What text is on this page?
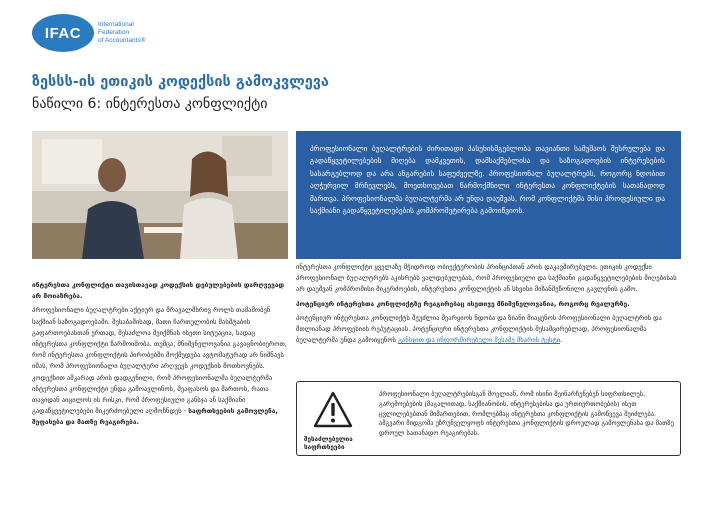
IFAC	International
Federation
of Accountants®
ზესსს-ის ეთიკის კოდექსის გამოკვლევა
ნაწილი 6: ინტერესთა კონფლიქტი
პროფესიონალი ბუღალტრების ძირითადი პასუხისმგებლობა თავიანთი სამუშაოს შესრულება და გადაწყვეტილებების მიღება დამკვეთის, დამსაქმებლისა და საზოგადოების ინტერესების სასარგებლოდ და არა ანგარების საფუძველზე. პროფესიონალ ბუღალტრებს, როგორც ნდობით აღჭურვილ მრჩევლებს, მოეთხოვებათ წარმოქმნილი ინტერესთა კონფლიქტების სათანადოდ მართვა. პროფესიონალმა ბუღალტერმა არ უნდა დაუშვას, რომ კონფლიქტმა მისი პროფესიული და საქმიანი გადაწყვეტილებების კომპრომეტირება გამოიწვიოს.
ინტერესთა კონფლიქტი თავისთავად კოდექსის დებულებების დარღვევად არ მოიაზრება.
პროფესიონალი ბუღალტრები აქტიურ და მრავალმხრივ როლს თამაშობენ საქმიან საზოგადოებაში. შესაბამისად, მათი ჩართულობის მასშტაბის გაფართოებასთან ერთად, შესაძლოა შეიქმნას ისეთი სიტუაცია, სადაც ინტერესთა კონფლიქტი წარმოიშობა. თუმცა, მნიშვნელოვანია გავაცნობიეროთ, რომ ინტერესთა კონფლიქტის პირობებში მოქმედება ავტომატურად არ ნიშნავს იმას, რომ პროფესიონალი ბუღალტერი არღვევს კოდექსის მოთხოვნებს. კოდექსით აშკარად არის დადგენილი, რომ პროფესიონალმა ბუღალტერმა ინტერესთა კონფლიქტი უნდა გამოავლინოს, შეაფასოს და მართოს, რათა თავიდან აიცილოს ის რისკი, რომ პროფესიული განსჯა ან საქმიანი გადაწყვეტილებები მიკერძოებული აღმოჩნდეს - საფრთხეების გამოვლენა, შეფასება და მათზე რეაგირება.

ინტერესთა კონფლიქტი ყველაზე მჭიდროდ ობიექტურობის პრინციპთან არის დაკავშირებული. ეთიკის კოდექსი პროფესიონალ ბუღალტრებს აკისრებს ვალდებულებას, რომ პროფესიული და საქმიანი გადაწყვეტილებების მიღებისას არ დაუშვან კომპრომისი მიკერძოების, ინტერესთა კონფლიქტის ან სხვისი მიზანშეწონილი გავლენის გამო.

პოტენციურ ინტერესთა კონფლიქტზე რეაგირებაც ისეთივე მნიშვნელოვანია, როგორც რეალურზე.

პოტენციურ ინტერესთა კონფლიქტს შეუძლია შეარყიოს ნდობა და ზიანი მიაყენოს პროფესიონალი ბუღალტრის და მთლიანად პროფესიის რეპუტაციას. პოტენციური ინტერესთა კონფლიქტის შესამცირებლად, პროფესიონალმა ბუღალტერმა უნდა გამოიყენოს განსჯით და ინფორმირებული მესამე მხარის ტესტი.

შესაძლებელია საფრთხეები
პროფესიონალი ბუღალტრებისგან მოელიან, რომ ისინი შეინარჩუნებენ სიფრთხილეს, გარემოებების (მაგალითად, საქმიანობის, ინტერესებისა და ურთიერთობების) ისეთ ცვლილებებთან მიმართებით, რომლებმაც ინტერესთა კონფლიქტის გამოწვევა შეიძლება. ამგვარი მიდგომა უზრუნველყოფს ინტერესთა კონფლიქტის დროულად გამოვლენასა და მათზე დროულ სათანადო რეაგირებას.
